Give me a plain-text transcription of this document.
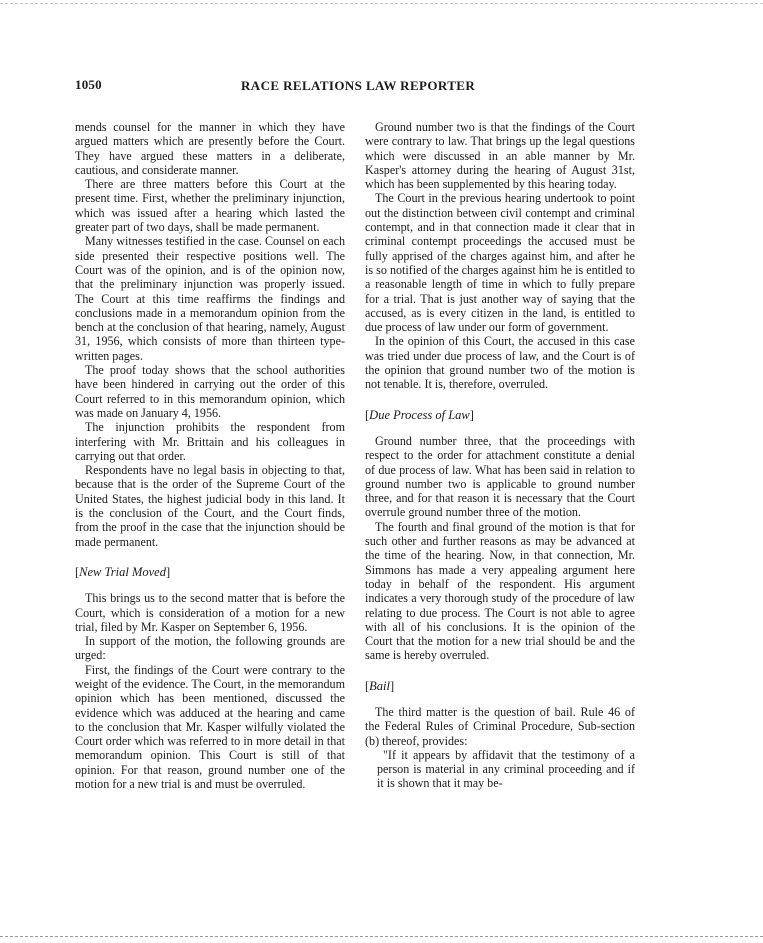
1050	RACE RELATIONS LAW REPORTER

mends counsel for the manner in which they have argued matters which are presently before the Court. They have argued these matters in a deliberate, cautious, and considerate manner.

There are three matters before this Court at the present time. First, whether the preliminary injunction, which was issued after a hearing which lasted the greater part of two days, shall be made permanent.

Many witnesses testified in the case. Counsel on each side presented their respective positions well. The Court was of the opinion, and is of the opinion now, that the preliminary injunction was properly issued. The Court at this time reaffirms the findings and conclusions made in a memorandum opinion from the bench at the conclusion of that hearing, namely, August 31, 1956, which consists of more than thirteen type-written pages.

The proof today shows that the school authorities have been hindered in carrying out the order of this Court referred to in this memorandum opinion, which was made on January 4, 1956.

The injunction prohibits the respondent from interfering with Mr. Brittain and his colleagues in carrying out that order.

Respondents have no legal basis in objecting to that, because that is the order of the Supreme Court of the United States, the highest judicial body in this land. It is the conclusion of the Court, and the Court finds, from the proof in the case that the injunction should be made permanent.

[New Trial Moved]

This brings us to the second matter that is before the Court, which is consideration of a motion for a new trial, filed by Mr. Kasper on September 6, 1956.

In support of the motion, the following grounds are urged:

First, the findings of the Court were contrary to the weight of the evidence. The Court, in the memorandum opinion which has been mentioned, discussed the evidence which was adduced at the hearing and came to the conclusion that Mr. Kasper wilfully violated the Court order which was referred to in more detail in that memorandum opinion. This Court is still of that opinion. For that reason, ground number one of the motion for a new trial is and must be overruled.

Ground number two is that the findings of the Court were contrary to law. That brings up the legal questions which were discussed in an able manner by Mr. Kasper's attorney during the hearing of August 31st, which has been supplemented by this hearing today.

The Court in the previous hearing undertook to point out the distinction between civil contempt and criminal contempt, and in that connection made it clear that in criminal contempt proceedings the accused must be fully apprised of the charges against him, and after he is so notified of the charges against him he is entitled to a reasonable length of time in which to fully prepare for a trial. That is just another way of saying that the accused, as is every citizen in the land, is entitled to due process of law under our form of government.

In the opinion of this Court, the accused in this case was tried under due process of law, and the Court is of the opinion that ground number two of the motion is not tenable. It is, therefore, overruled.

[Due Process of Law]

Ground number three, that the proceedings with respect to the order for attachment constitute a denial of due process of law. What has been said in relation to ground number two is applicable to ground number three, and for that reason it is necessary that the Court overrule ground number three of the motion.

The fourth and final ground of the motion is that for such other and further reasons as may be advanced at the time of the hearing. Now, in that connection, Mr. Simmons has made a very appealing argument here today in behalf of the respondent. His argument indicates a very thorough study of the procedure of law relating to due process. The Court is not able to agree with all of his conclusions. It is the opinion of the Court that the motion for a new trial should be and the same is hereby overruled.

[Bail]

The third matter is the question of bail. Rule 46 of the Federal Rules of Criminal Procedure, Sub-section (b) thereof, provides:

"If it appears by affidavit that the testimony of a person is material in any criminal proceeding and if it is shown that it may be-
